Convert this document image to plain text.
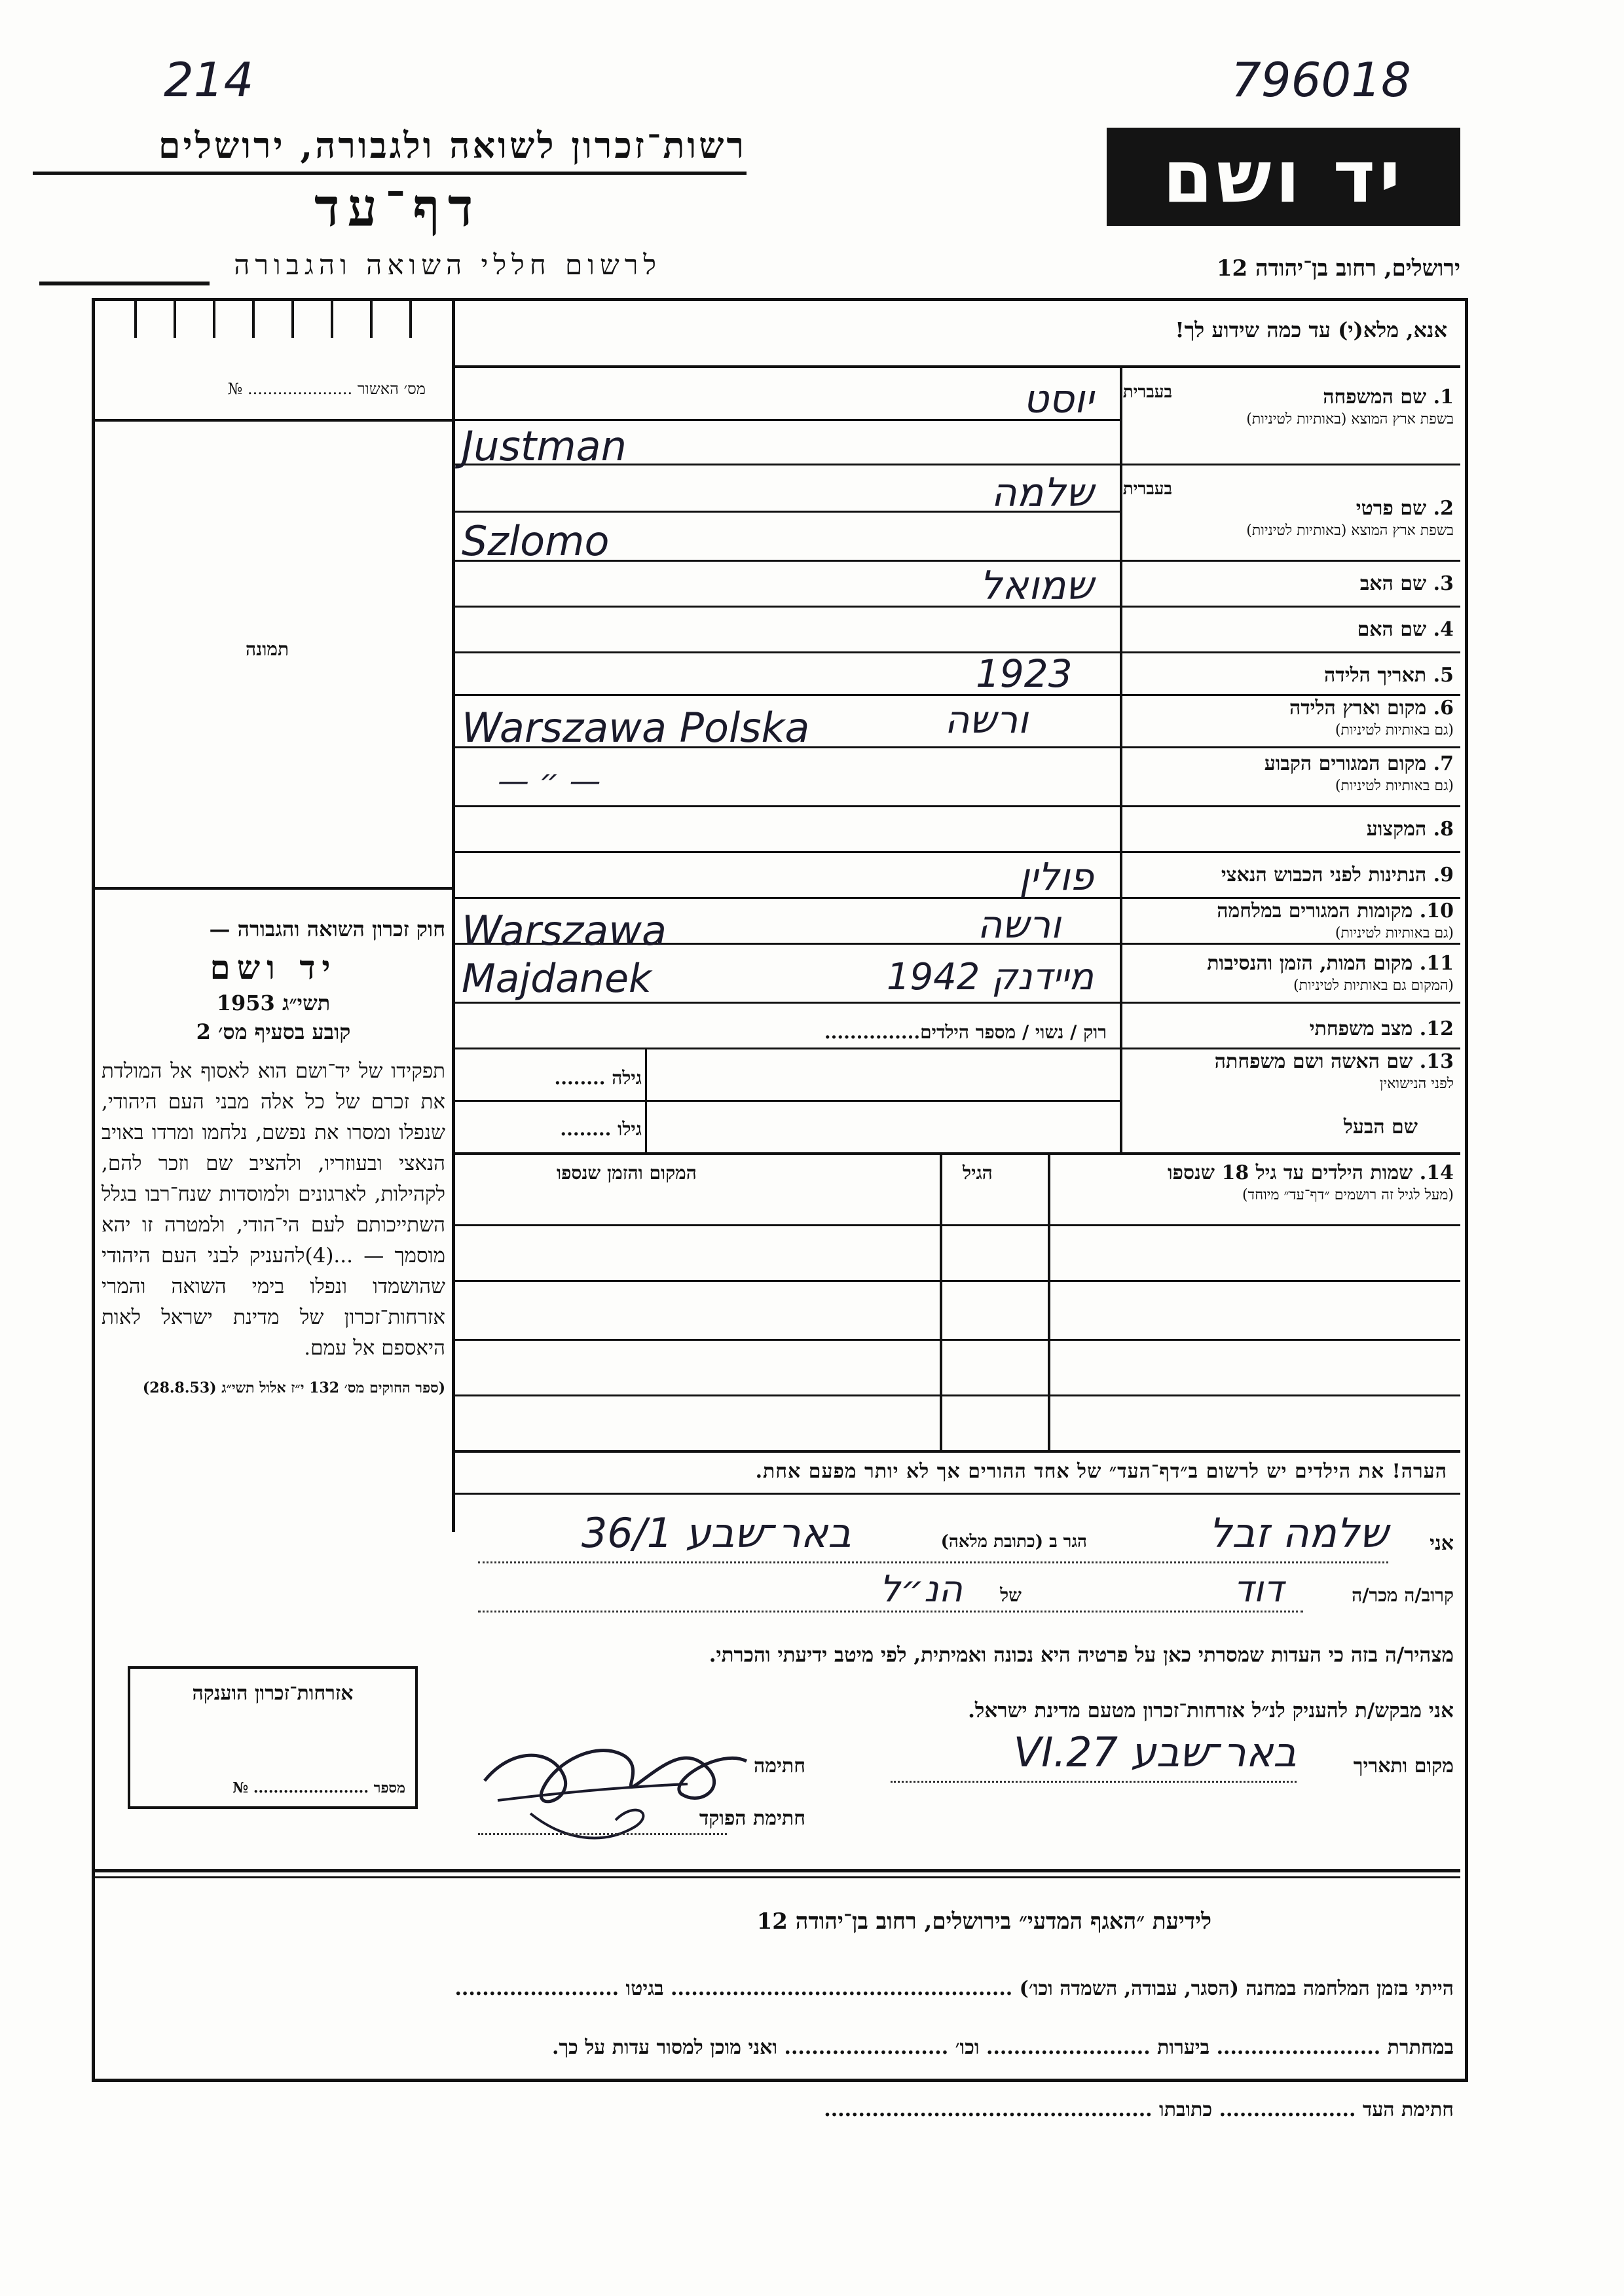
214	796018
רשות־זכרון לשואה ולגבורה, ירושלים
דף־עד
לרשום חללי השואה והגבורה
יד ושם
ירושלים, רחוב בן־יהודה 12
מס׳ האשור ..................... №
תמונה
חוק זכרון השואה והגבורה —
יד ושם
תשי״ג 1953
קובע בסעיף מס׳ 2
תפקידו של יד־ושם הוא לאסוף אל המולדת את זכרם של כל אלה מבני העם היהודי, שנפלו ומסרו את נפשם, נלחמו ומרדו באויב הנאצי ובעוזריו, ולהציב שם וזכר להם, לקהילות, לארגונים ולמוסדות שנח־רבו בגלל השתייכותם לעם הי־הודי, ולמטרה זו יהא מוסמך — ...(4)להעניק לבני העם היהודי שהושמדו ונפלו בימי השואה והמרי אזרחות־זכרון של מדינת ישראל לאות היאספם אל עמם.
(ספר החוקים מס׳ 132 י״ז אלול תשי״ג (28.8.53)
אנא, מלא(י) עד כמה שידוע לך!
בעברית	1. שם המשפחה
בשפת ארץ המוצא (באותיות לטיניות)
בעברית
2. שם פרטי
בשפת ארץ המוצא (באותיות לטיניות)
3. שם האב
4. שם האם
5. תאריך הלידה
6. מקום וארץ הלידה
(גם באותיות לטיניות)
7. מקום המגורים הקבוע
(גם באותיות לטיניות)
8. המקצוע
9. הנתינות לפני הכבוש הנאצי
10. מקומות המגורים במלחמה
(גם באותיות לטיניות)
11. מקום המות, הזמן והנסיבות
(המקום גם באותיות לטיניות)
12. מצב משפחתי
13. שם האשה ושם משפחתה
לפני הנישואין
שם הבעל
יוסט
Justman
שלמה
Szlomo
שמואל
1923
ורשה
Warszawa Polska
— ״ —
פולין
ורשה
Warszawa
מיידנק 1942
Majdanek
רוק / נשוי / מספר הילדים...............
גילה ........
גילו ........
14. שמות הילדים עד גיל 18 שנספו
(מעל לגיל זה רושמים ״דף־עד״ מיוחד)
הגיל
המקום והזמן שנספו
הערה! את הילדים יש לרשום ב״דף־העד״ של אחד ההורים אך לא יותר מפעם אחת.
אזרחות־זכרון הוענקה
מספר ....................... №
אני
שלמה זבל
הגר ב (כתובת מלאה)
באר־שבע 36/1
קרוב/ה מכר/ה
דוד
של
הנ״ל
מצהיר/ה בזה כי העדות שמסרתי כאן על פרטיה היא נכונה ואמיתית, לפי מיטב ידיעתי והכרתי.
אני מבקש/ת להעניק לנ״ל אזרחות־זכרון מטעם מדינת ישראל.
מקום ותאריך
באר־שבע 27.VI
חתימה
חתימת הפוקד
לידיעת ״האגף המדעי״ בירושלים, רחוב בן־יהודה 12
הייתי בזמן המלחמה במחנה (הסגר, עבודה, השמדה וכו׳) .................................................. בגיטו ........................
במחתרת ........................ ביערות ........................ וכו׳ ........................ ואני מוכן למסור עדות על כך.
חתימת העד .................... כתובתו ................................................
